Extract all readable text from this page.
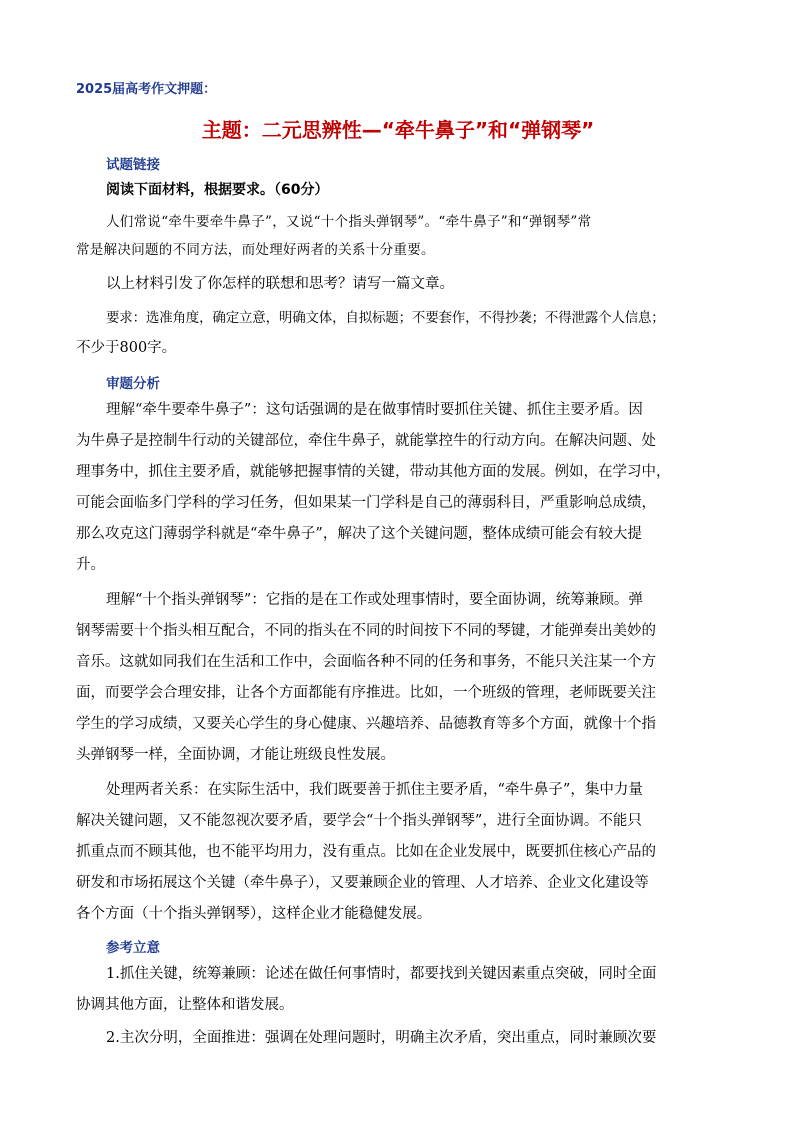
2025届高考作文押题：
主题：二元思辨性—“牵牛鼻子”和“弹钢琴”
试题链接
阅读下面材料，根据要求。（60分）
人们常说“牵牛要牵牛鼻子”，又说“十个指头弹钢琴”。“牵牛鼻子”和“弹钢琴”常
常是解决问题的不同方法，而处理好两者的关系十分重要。
以上材料引发了你怎样的联想和思考？请写一篇文章。
要求：选准角度，确定立意，明确文体，自拟标题；不要套作，不得抄袭；不得泄露个人信息；
不少于800字。
审题分析
理解“牵牛要牵牛鼻子”：这句话强调的是在做事情时要抓住关键、抓住主要矛盾。因
为牛鼻子是控制牛行动的关键部位，牵住牛鼻子，就能掌控牛的行动方向。在解决问题、处
理事务中，抓住主要矛盾，就能够把握事情的关键，带动其他方面的发展。例如，在学习中，
可能会面临多门学科的学习任务，但如果某一门学科是自己的薄弱科目，严重影响总成绩，
那么攻克这门薄弱学科就是“牵牛鼻子”，解决了这个关键问题，整体成绩可能会有较大提
升。
理解“十个指头弹钢琴”：它指的是在工作或处理事情时，要全面协调，统筹兼顾。弹
钢琴需要十个指头相互配合，不同的指头在不同的时间按下不同的琴键，才能弹奏出美妙的
音乐。这就如同我们在生活和工作中，会面临各种不同的任务和事务，不能只关注某一个方
面，而要学会合理安排，让各个方面都能有序推进。比如，一个班级的管理，老师既要关注
学生的学习成绩，又要关心学生的身心健康、兴趣培养、品德教育等多个方面，就像十个指
头弹钢琴一样，全面协调，才能让班级良性发展。
处理两者关系：在实际生活中，我们既要善于抓住主要矛盾，“牵牛鼻子”，集中力量
解决关键问题，又不能忽视次要矛盾，要学会“十个指头弹钢琴”，进行全面协调。不能只
抓重点而不顾其他，也不能平均用力，没有重点。比如在企业发展中，既要抓住核心产品的
研发和市场拓展这个关键（牵牛鼻子），又要兼顾企业的管理、人才培养、企业文化建设等
各个方面（十个指头弹钢琴），这样企业才能稳健发展。
参考立意
1.抓住关键，统筹兼顾：论述在做任何事情时，都要找到关键因素重点突破，同时全面
协调其他方面，让整体和谐发展。
2.主次分明，全面推进：强调在处理问题时，明确主次矛盾，突出重点，同时兼顾次要
